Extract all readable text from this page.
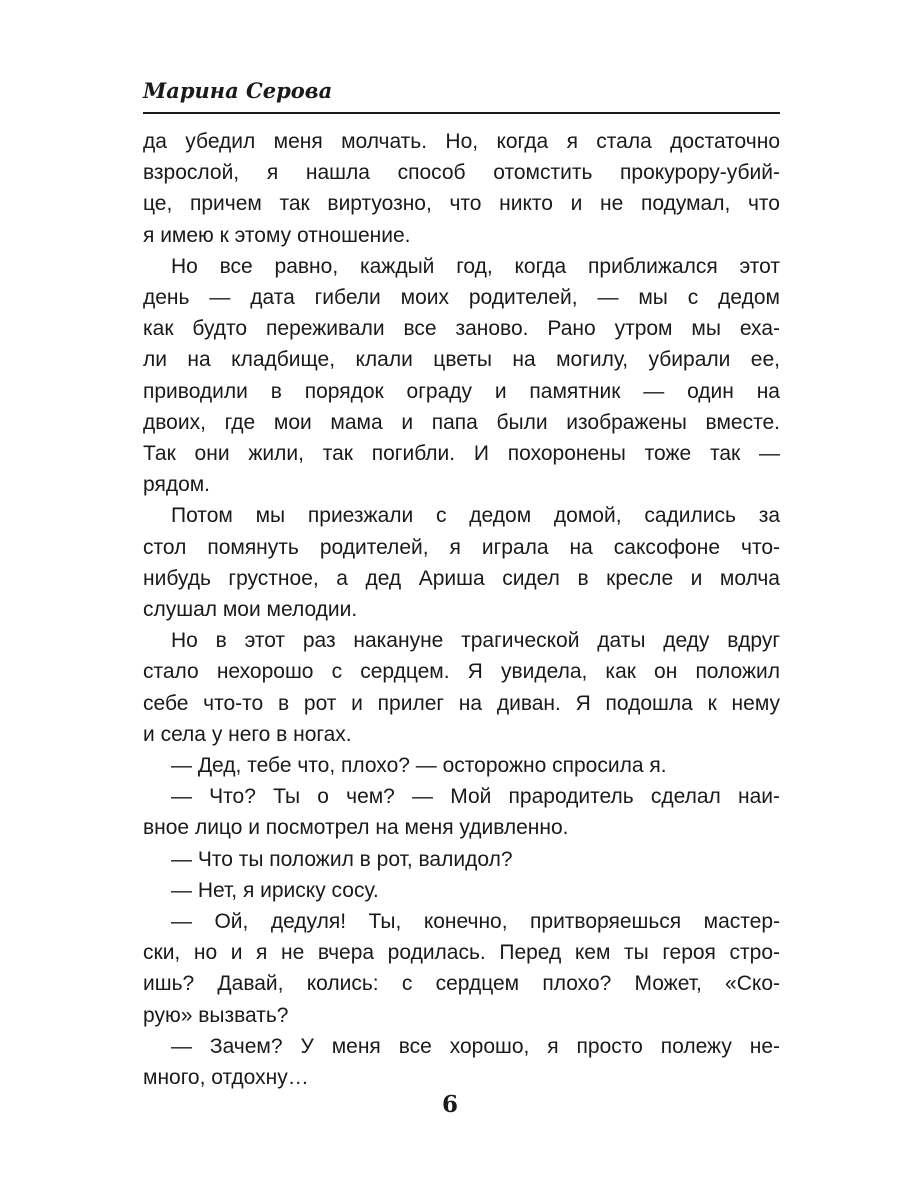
Марина Серова

да убедил меня молчать. Но, когда я стала достаточно

взрослой, я нашла способ отомстить прокурору-убий-

це, причем так виртуозно, что никто и не подумал, что

я имею к этому отношение.

Но все равно, каждый год, когда приближался этот

день — дата гибели моих родителей, — мы с дедом

как будто переживали все заново. Рано утром мы еха-

ли на кладбище, клали цветы на могилу, убирали ее,

приводили в порядок ограду и памятник — один на

двоих, где мои мама и папа были изображены вместе.

Так они жили, так погибли. И похоронены тоже так —

рядом.

Потом мы приезжали с дедом домой, садились за

стол помянуть родителей, я играла на саксофоне что-

нибудь грустное, а дед Ариша сидел в кресле и молча

слушал мои мелодии.

Но в этот раз накануне трагической даты деду вдруг

стало нехорошо с сердцем. Я увидела, как он положил

себе что-то в рот и прилег на диван. Я подошла к нему

и села у него в ногах.

— Дед, тебе что, плохо? — осторожно спросила я.

— Что? Ты о чем? — Мой прародитель сделал наи-

вное лицо и посмотрел на меня удивленно.

— Что ты положил в рот, валидол?

— Нет, я ириску сосу.

— Ой, дедуля! Ты, конечно, притворяешься мастер-

ски, но и я не вчера родилась. Перед кем ты героя стро-

ишь? Давай, колись: с сердцем плохо? Может, «Ско-

рую» вызвать?

— Зачем? У меня все хорошо, я просто полежу не-

много, отдохну…

6
